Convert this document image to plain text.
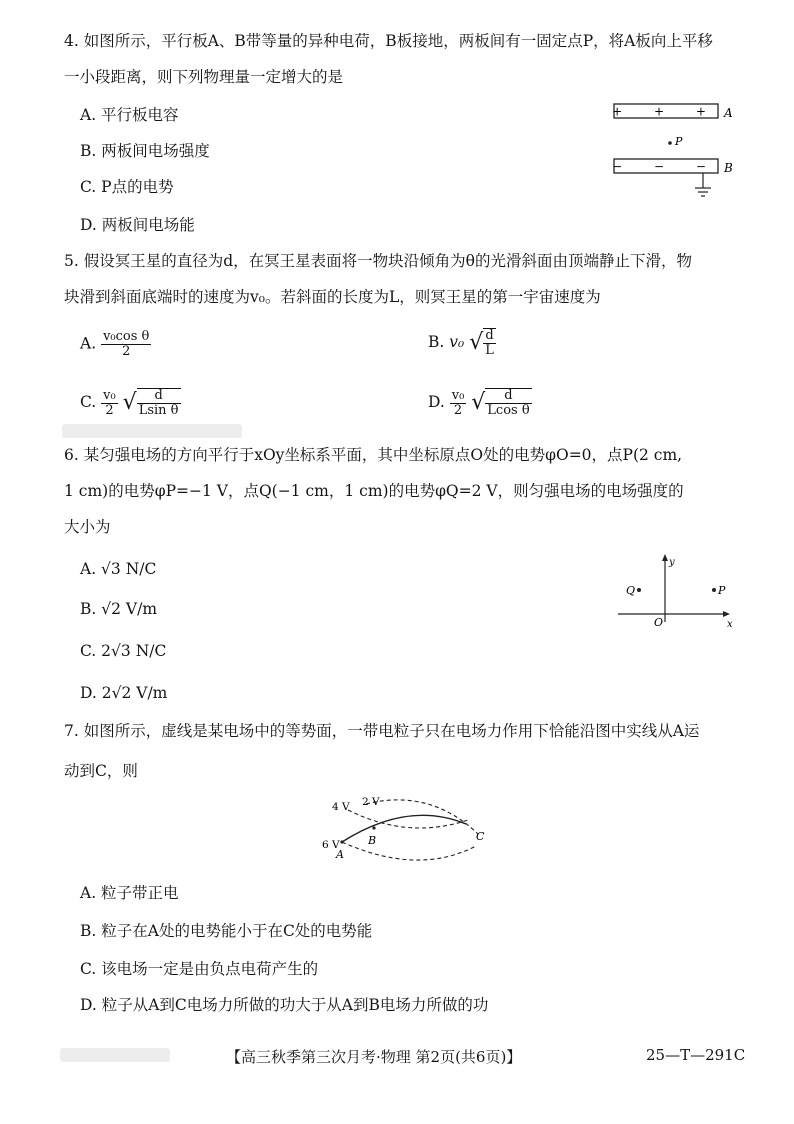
4. 如图所示，平行板A、B带等量的异种电荷，B板接地，两板间有一固定点P，将A板向上平移
一小段距离，则下列物理量一定增大的是
A. 平行板电容
B. 两板间电场强度
C. P点的电势
D. 两板间电场能
+ + + A
P
− − − B
5. 假设冥王星的直径为d，在冥王星表面将一物块沿倾角为θ的光滑斜面由顶端静止下滑，物
块滑到斜面底端时的速度为v₀。若斜面的长度为L，则冥王星的第一宇宙速度为
A. $\frac{\text{v₀cos θ}}{2}$	B. v₀ √ $\frac{d}{L}$
C. $\frac{\text{v₀}}{2}$ √ $\frac{d}{\text{Lsin θ}}$	D. $\frac{\text{v₀}}{2}$ √ $\frac{d}{\text{Lcos θ}}$
6. 某匀强电场的方向平行于xOy坐标系平面，其中坐标原点O处的电势φO=0，点P(2 cm,
1 cm)的电势φP=−1 V，点Q(−1 cm，1 cm)的电势φQ=2 V，则匀强电场的电场强度的
大小为
A. √3 N/C
B. √2 V/m
C. 2√3 N/C
D. 2√2 V/m
y
x
O
Q	P
7. 如图所示，虚线是某电场中的等势面，一带电粒子只在电场力作用下恰能沿图中实线从A运
动到C，则
4 V 2 V
6 V
A
B	C
A. 粒子带正电
B. 粒子在A处的电势能小于在C处的电势能
C. 该电场一定是由负点电荷产生的
D. 粒子从A到C电场力所做的功大于从A到B电场力所做的功
【高三秋季第三次月考·物理 第2页(共6页)】	25—T—291C
